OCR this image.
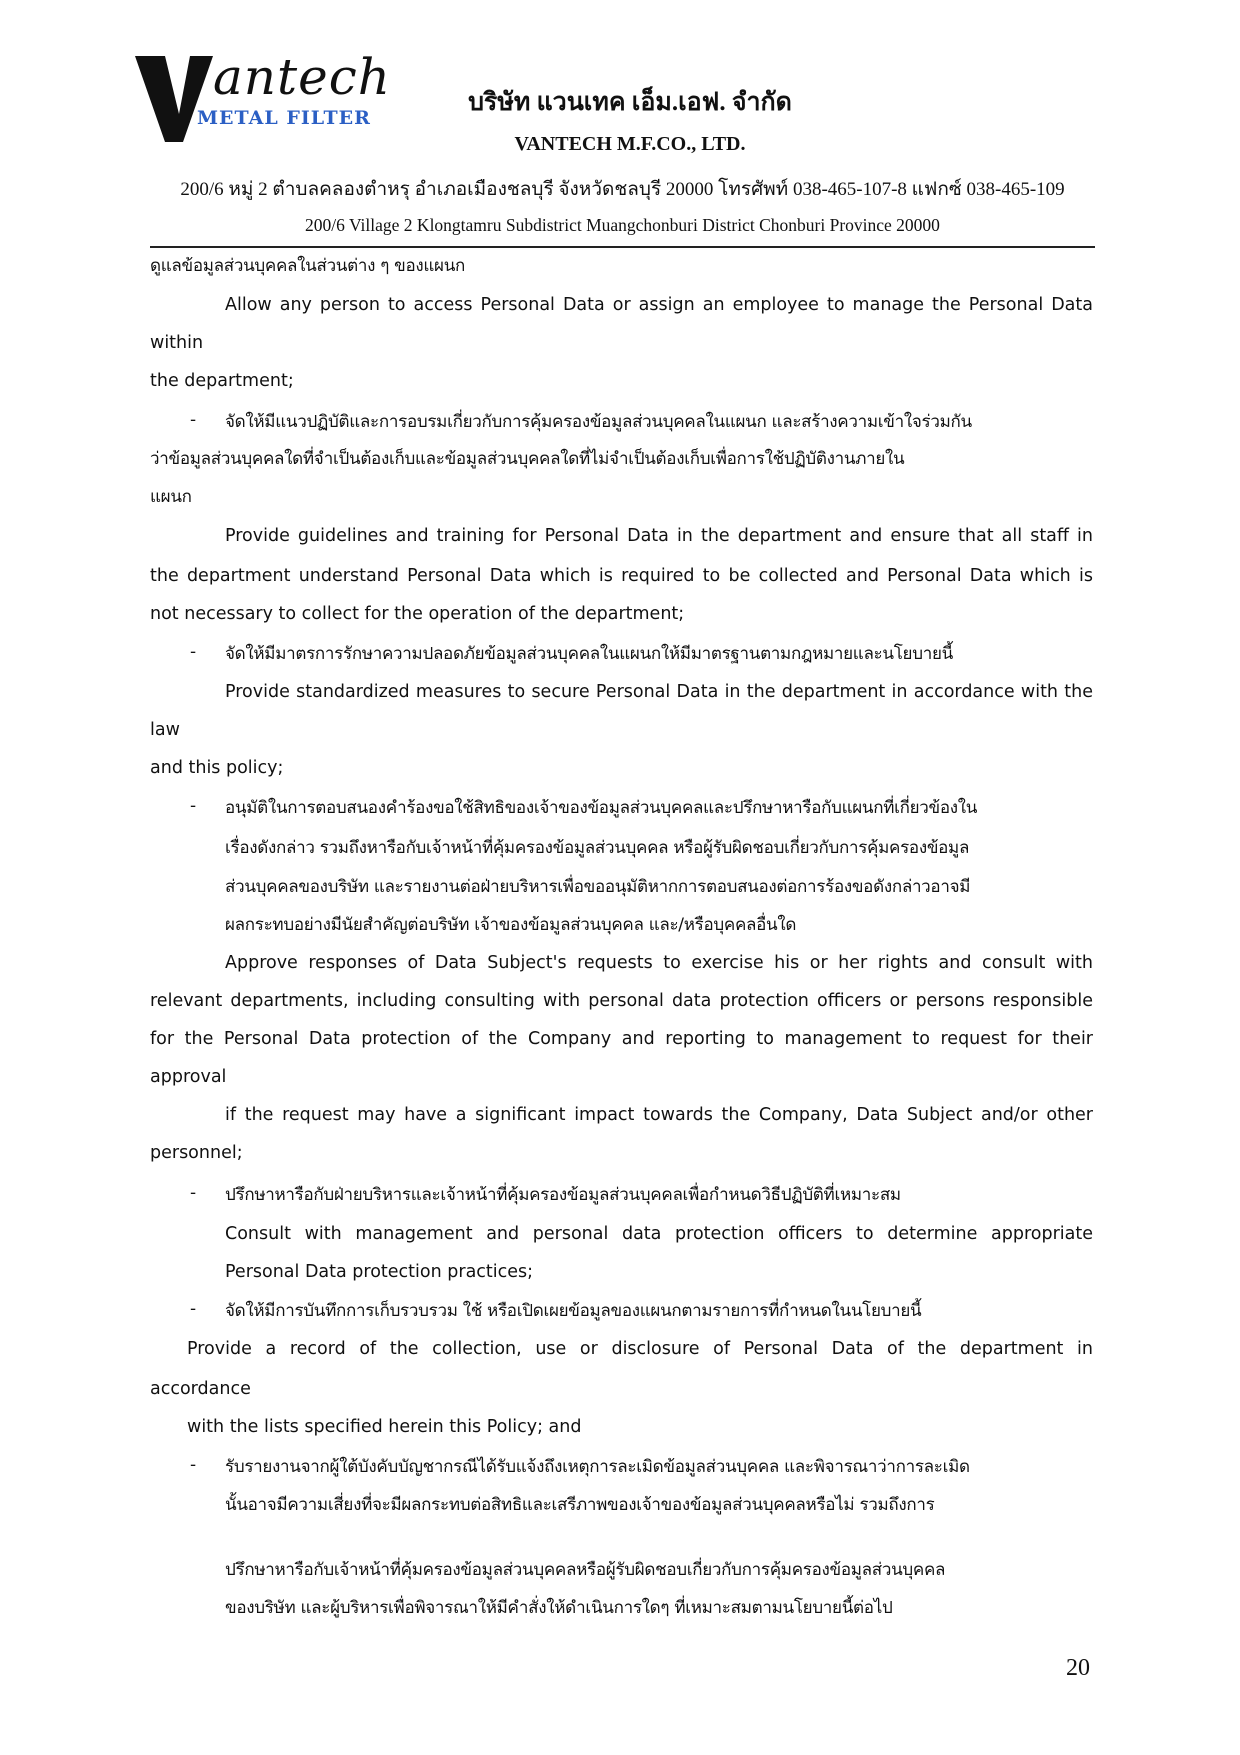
antech
METAL FILTER
บริษัท แวนเทค เอ็ม.เอฟ. จำกัด
VANTECH M.F.CO., LTD.
200/6 หมู่ 2 ตำบลคลองตำหรุ อำเภอเมืองชลบุรี จังหวัดชลบุรี 20000 โทรศัพท์ 038-465-107-8 แฟกซ์ 038-465-109
200/6 Village 2 Klongtamru Subdistrict Muangchonburi District Chonburi Province 20000
ดูแลข้อมูลส่วนบุคคลในส่วนต่าง ๆ ของแผนก
Allow any person to access Personal Data or assign an employee to manage the Personal Data
within
the department;
- จัดให้มีแนวปฏิบัติและการอบรมเกี่ยวกับการคุ้มครองข้อมูลส่วนบุคคลในแผนก และสร้างความเข้าใจร่วมกัน
ว่าข้อมูลส่วนบุคคลใดที่จำเป็นต้องเก็บและข้อมูลส่วนบุคคลใดที่ไม่จำเป็นต้องเก็บเพื่อการใช้ปฏิบัติงานภายใน
แผนก
Provide guidelines and training for Personal Data in the department and ensure that all staff in
the department understand Personal Data which is required to be collected and Personal Data which is
not necessary to collect for the operation of the department;
- จัดให้มีมาตรการรักษาความปลอดภัยข้อมูลส่วนบุคคลในแผนกให้มีมาตรฐานตามกฎหมายและนโยบายนี้
Provide standardized measures to secure Personal Data in the department in accordance with the
law
and this policy;
- อนุมัติในการตอบสนองคำร้องขอใช้สิทธิของเจ้าของข้อมูลส่วนบุคคลและปรึกษาหารือกับแผนกที่เกี่ยวข้องใน
เรื่องดังกล่าว รวมถึงหารือกับเจ้าหน้าที่คุ้มครองข้อมูลส่วนบุคคล หรือผู้รับผิดชอบเกี่ยวกับการคุ้มครองข้อมูล
ส่วนบุคคลของบริษัท และรายงานต่อฝ่ายบริหารเพื่อขออนุมัติหากการตอบสนองต่อการร้องขอดังกล่าวอาจมี
ผลกระทบอย่างมีนัยสำคัญต่อบริษัท เจ้าของข้อมูลส่วนบุคคล และ/หรือบุคคลอื่นใด
Approve responses of Data Subject's requests to exercise his or her rights and consult with
relevant departments, including consulting with personal data protection officers or persons responsible
for the Personal Data protection of the Company and reporting to management to request for their
approval
if the request may have a significant impact towards the Company, Data Subject and/or other
personnel;
- ปรึกษาหารือกับฝ่ายบริหารและเจ้าหน้าที่คุ้มครองข้อมูลส่วนบุคคลเพื่อกำหนดวิธีปฏิบัติที่เหมาะสม
Consult with management and personal data protection officers to determine appropriate
Personal Data protection practices;
- จัดให้มีการบันทึกการเก็บรวบรวม ใช้ หรือเปิดเผยข้อมูลของแผนกตามรายการที่กำหนดในนโยบายนี้
Provide a record of the collection, use or disclosure of Personal Data of the department in
accordance
with the lists specified herein this Policy; and
- รับรายงานจากผู้ใต้บังคับบัญชากรณีได้รับแจ้งถึงเหตุการละเมิดข้อมูลส่วนบุคคล และพิจารณาว่าการละเมิด
นั้นอาจมีความเสี่ยงที่จะมีผลกระทบต่อสิทธิและเสรีภาพของเจ้าของข้อมูลส่วนบุคคลหรือไม่ รวมถึงการ
ปรึกษาหารือกับเจ้าหน้าที่คุ้มครองข้อมูลส่วนบุคคลหรือผู้รับผิดชอบเกี่ยวกับการคุ้มครองข้อมูลส่วนบุคคล
ของบริษัท และผู้บริหารเพื่อพิจารณาให้มีคำสั่งให้ดำเนินการใดๆ ที่เหมาะสมตามนโยบายนี้ต่อไป
20
